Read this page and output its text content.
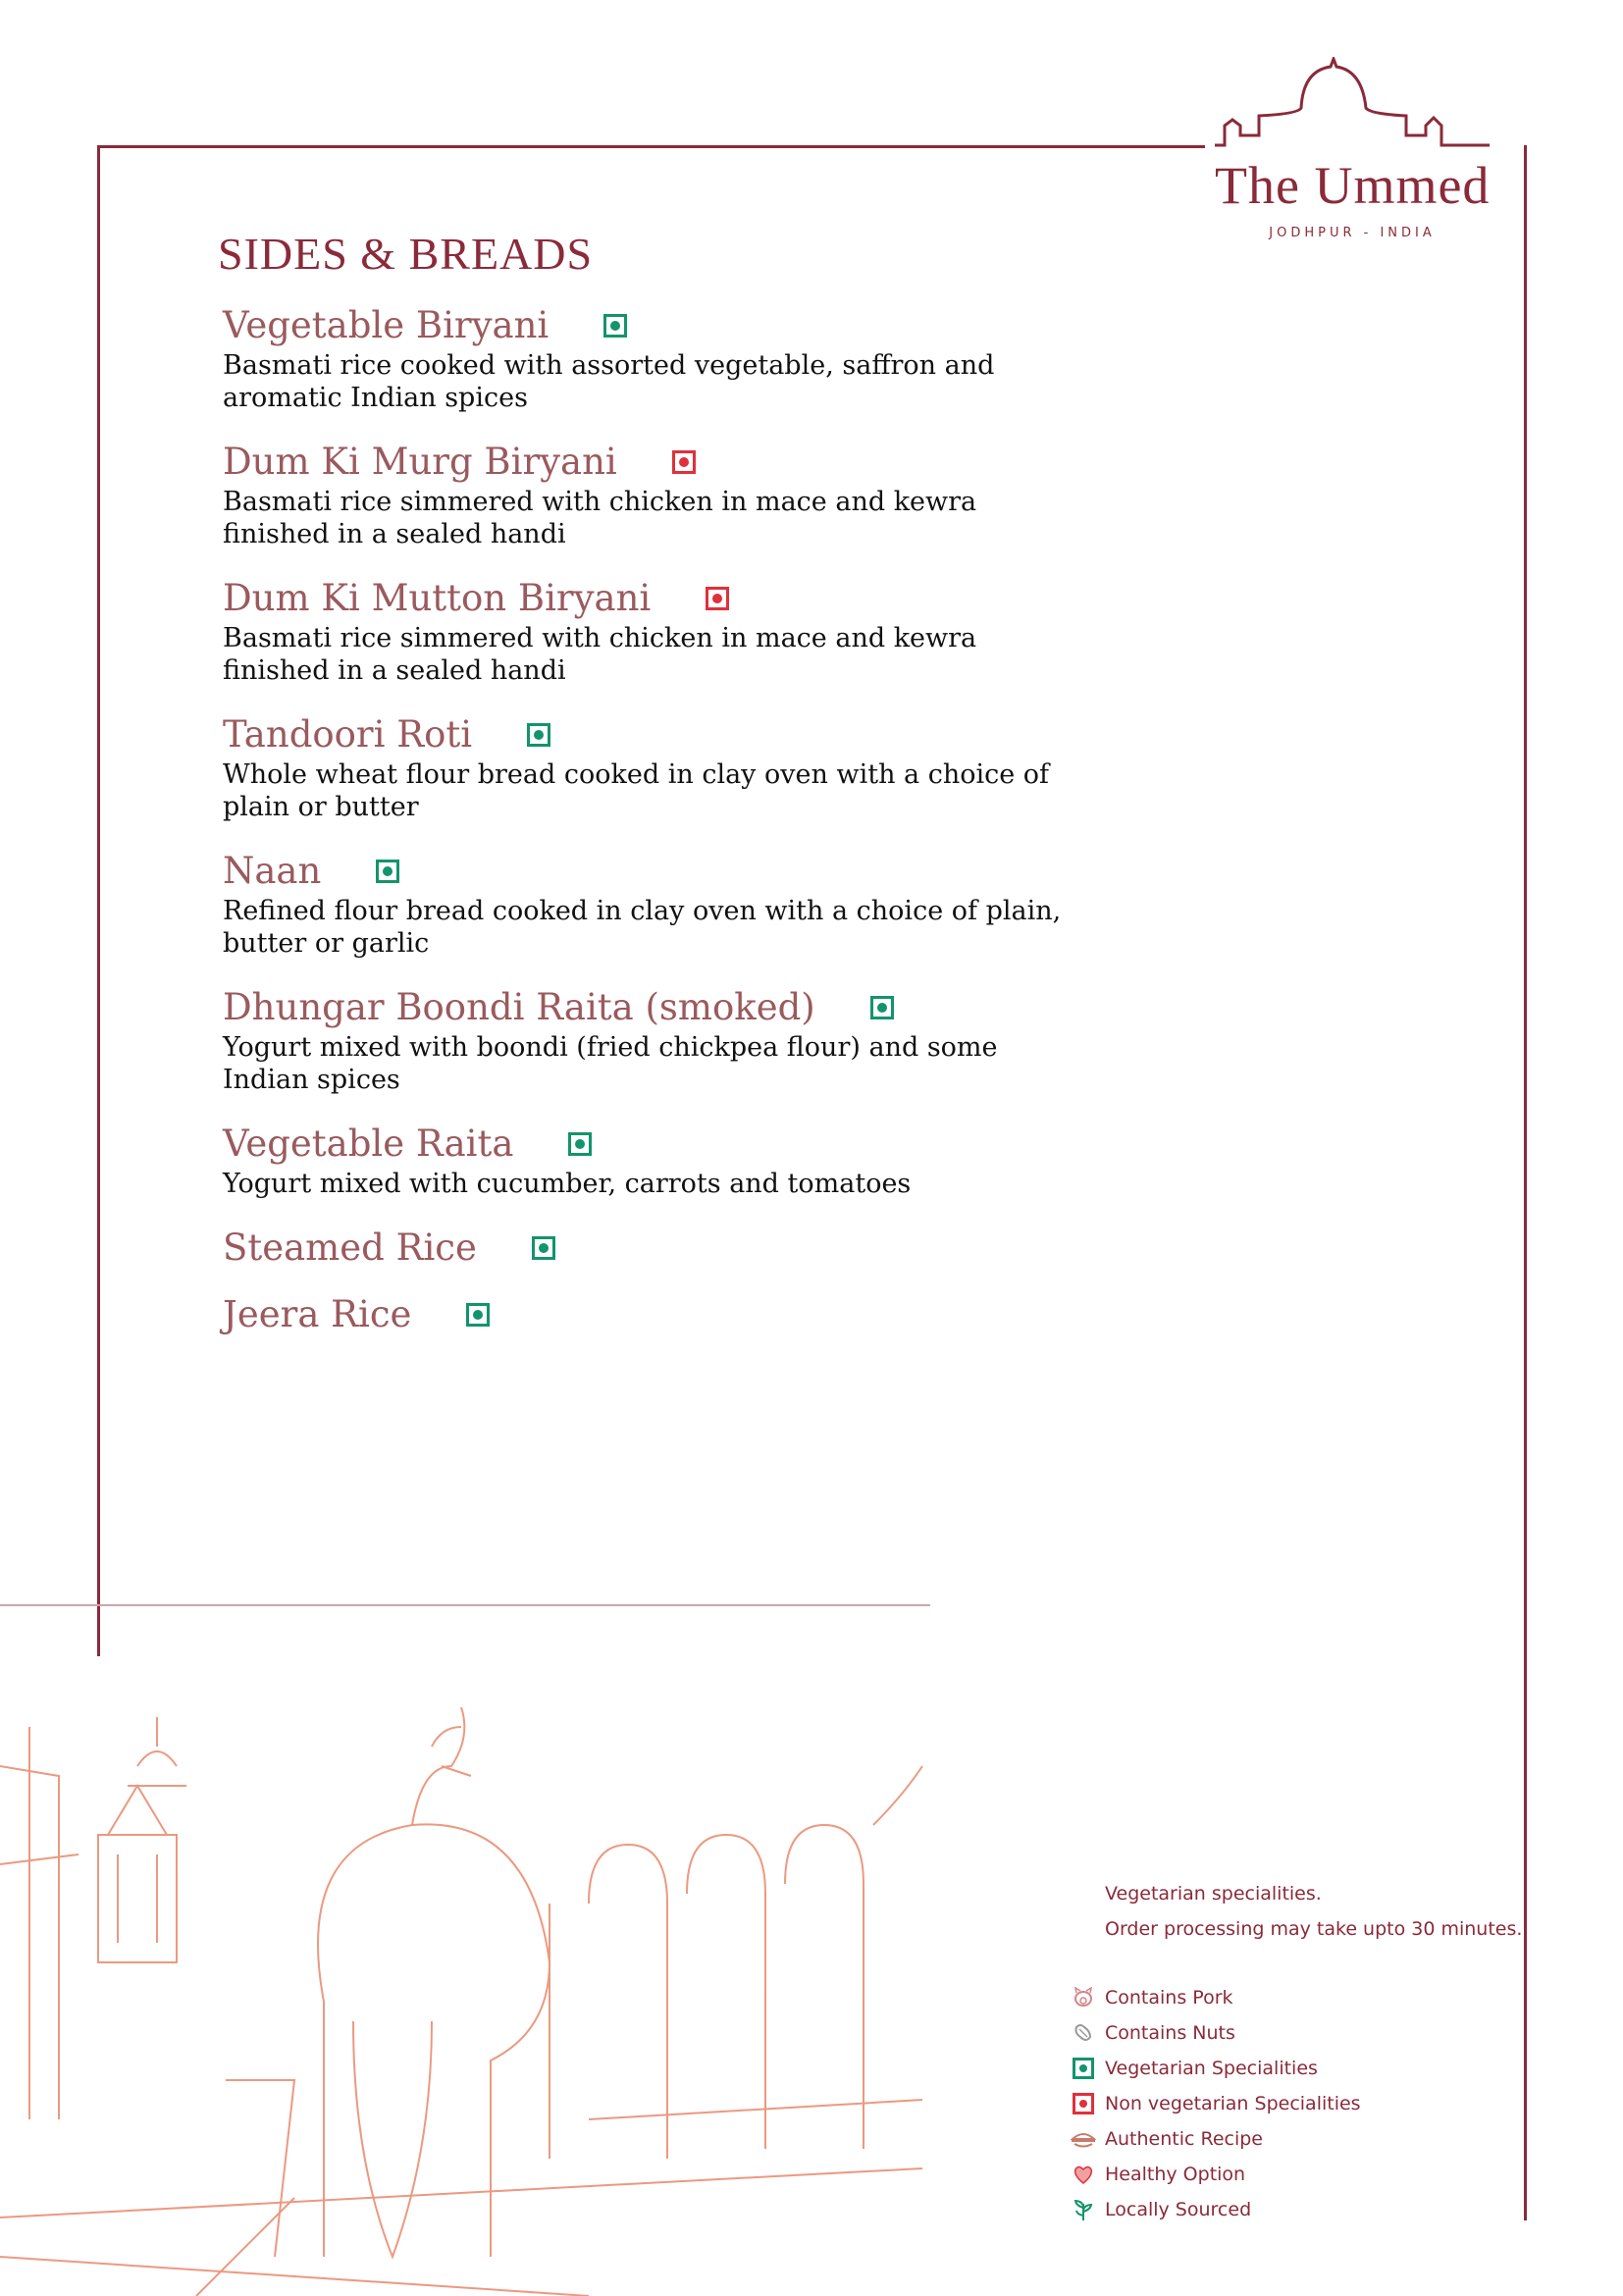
The Ummed
JODHPUR - INDIA
SIDES & BREADS
Vegetable Biryani
Basmati rice cooked with assorted vegetable, saffron and aromatic Indian spices
Dum Ki Murg Biryani
Basmati rice simmered with chicken in mace and kewra finished in a sealed handi
Dum Ki Mutton Biryani
Basmati rice simmered with chicken in mace and kewra finished in a sealed handi
Tandoori Roti
Whole wheat flour bread cooked in clay oven with a choice of plain or butter
Naan
Refined flour bread cooked in clay oven with a choice of plain, butter or garlic
Dhungar Boondi Raita (smoked)
Yogurt mixed with boondi (fried chickpea flour) and some Indian spices
Vegetable Raita
Yogurt mixed with cucumber, carrots and tomatoes
Steamed Rice
Jeera Rice
Vegetarian specialities.
Order processing may take upto 30 minutes.
Contains Pork
Contains Nuts
Vegetarian Specialities
Non vegetarian Specialities
Authentic Recipe
Healthy Option
Locally Sourced
